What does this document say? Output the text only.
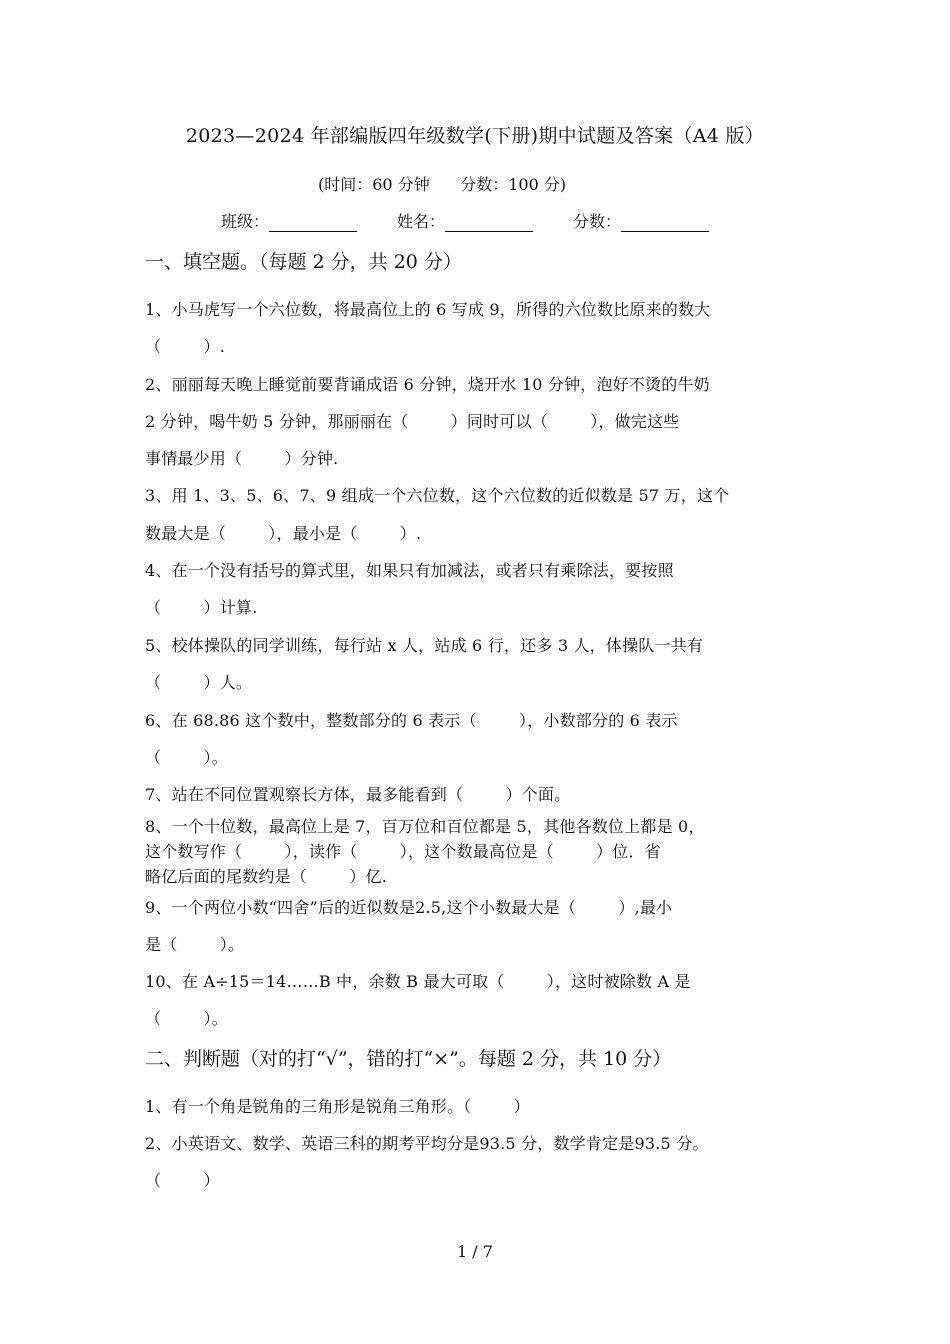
2023—2024 年部编版四年级数学(下册)期中试题及答案（A4 版）
(时间：60 分钟      分数：100 分)
班级：	姓名：	分数：
一、填空题。（每题 2 分，共 20 分）
1、小马虎写一个六位数，将最高位上的 6 写成 9，所得的六位数比原来的数大
（        ）.
2、丽丽每天晚上睡觉前要背诵成语 6 分钟，烧开水 10 分钟，泡好不烫的牛奶
2 分钟，喝牛奶 5 分钟，那丽丽在（        ）同时可以（        ），做完这些
事情最少用（        ）分钟.
3、用 1、3、5、6、7、9 组成一个六位数，这个六位数的近似数是 57 万，这个
数最大是（        ），最小是（        ）.
4、在一个没有括号的算式里，如果只有加减法，或者只有乘除法，要按照
（        ）计算.
5、校体操队的同学训练，每行站 x 人，站成 6 行，还多 3 人，体操队一共有
（        ）人。
6、在 68.86 这个数中，整数部分的 6 表示（        ），小数部分的 6 表示
（        ）。
7、站在不同位置观察长方体，最多能看到（        ）个面。
8、一个十位数，最高位上是 7，百万位和百位都是 5，其他各数位上都是 0，
这个数写作（        ），读作（        ），这个数最高位是（        ）位．省
略亿后面的尾数约是（        ）亿.
9、一个两位小数“四舍”后的近似数是2.5,这个小数最大是（        ）,最小
是（        ）。
10、在 A÷15＝14……B 中，余数 B 最大可取（        ），这时被除数 A 是
（        ）。
二、判断题（对的打“√”，错的打“×”。每题 2 分，共 10 分）
1、有一个角是锐角的三角形是锐角三角形。（        ）
2、小英语文、数学、英语三科的期考平均分是93.5 分，数学肯定是93.5 分。
（        ）
1 / 7
